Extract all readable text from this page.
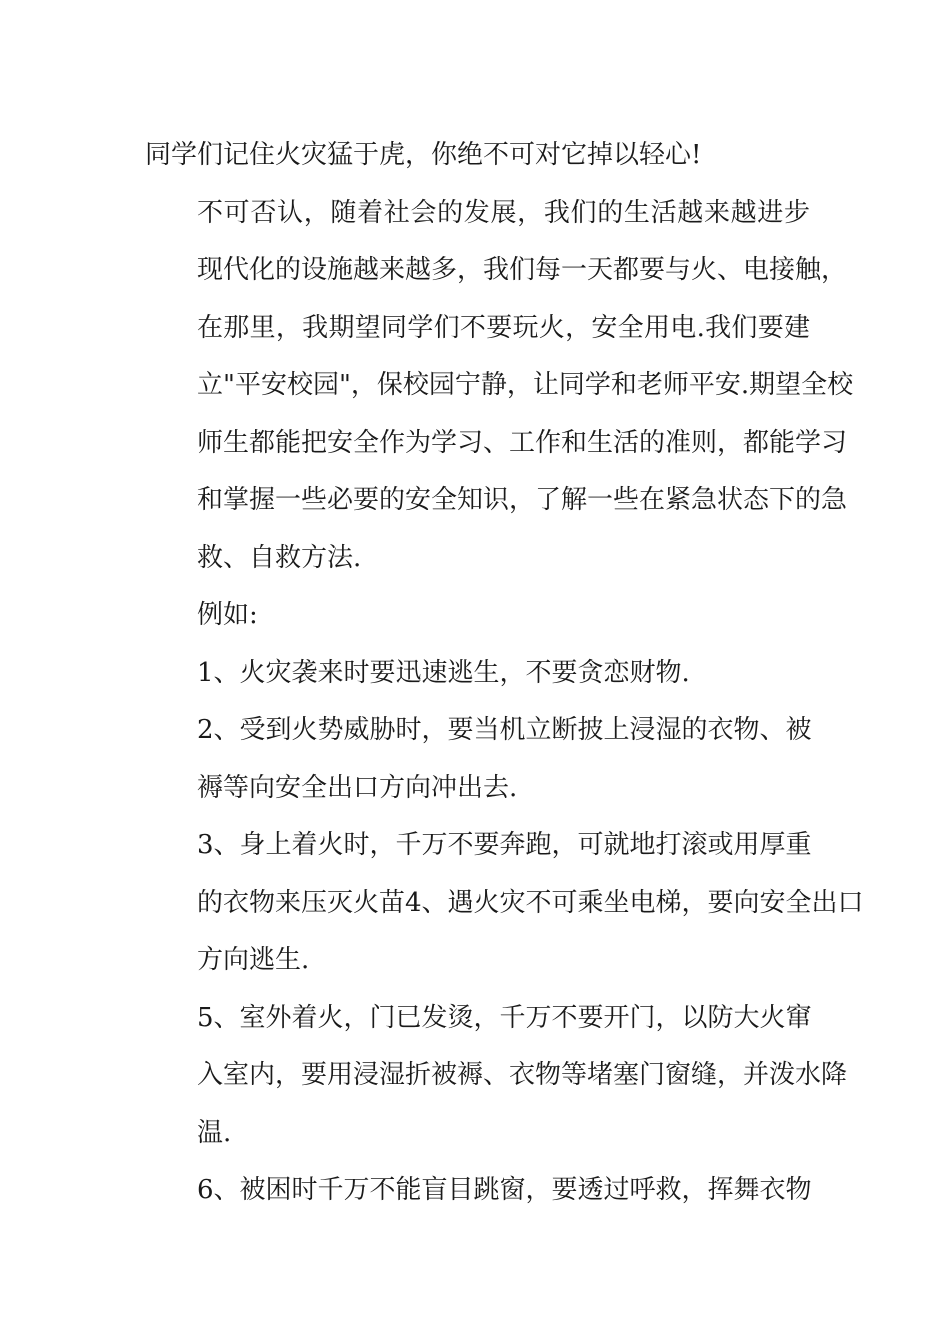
同学们记住火灾猛于虎，你绝不可对它掉以轻心!

不可否认，随着社会的发展，我们的生活越来越进步
现代化的设施越来越多，我们每一天都要与火、电接触，
在那里，我期望同学们不要玩火，安全用电.我们要建
立"平安校园"，保校园宁静，让同学和老师平安.期望全校
师生都能把安全作为学习、工作和生活的准则，都能学习
和掌握一些必要的安全知识，了解一些在紧急状态下的急
救、自救方法.

例如:

1、火灾袭来时要迅速逃生，不要贪恋财物.

2、受到火势威胁时，要当机立断披上浸湿的衣物、被
褥等向安全出口方向冲出去.

3、身上着火时，千万不要奔跑，可就地打滚或用厚重
的衣物来压灭火苗4、遇火灾不可乘坐电梯，要向安全出口
方向逃生.

5、室外着火，门已发烫，千万不要开门，以防大火窜
入室内，要用浸湿折被褥、衣物等堵塞门窗缝，并泼水降
温.

6、被困时千万不能盲目跳窗，要透过呼救，挥舞衣物
